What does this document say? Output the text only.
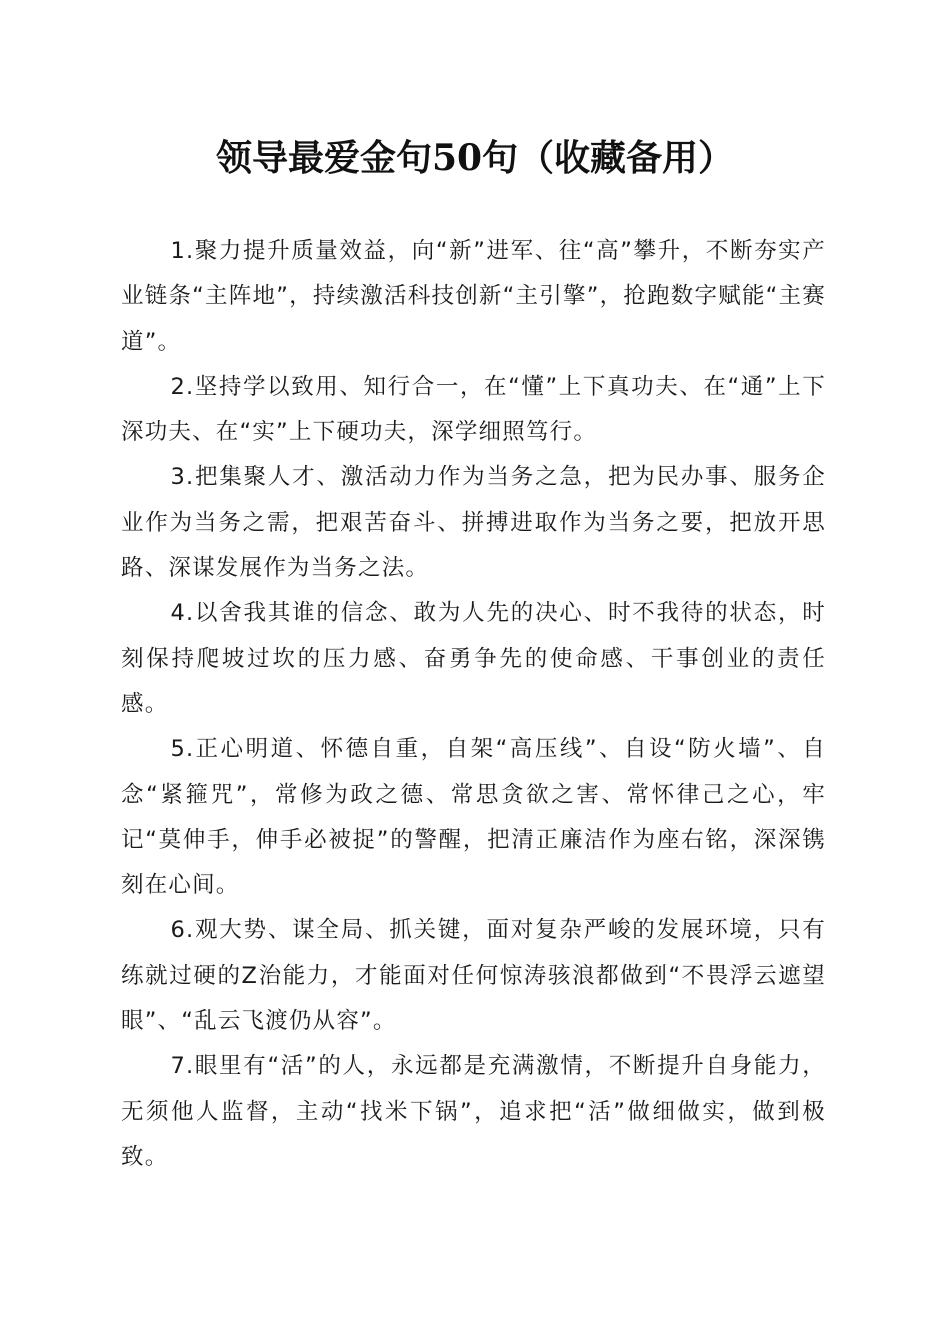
领导最爱金句50句（收藏备用）

1.聚力提升质量效益，向“新”进军、往“高”攀升，不断夯实产业链条“主阵地”，持续激活科技创新“主引擎”，抢跑数字赋能“主赛道”。

2.坚持学以致用、知行合一，在“懂”上下真功夫、在“通”上下深功夫、在“实”上下硬功夫，深学细照笃行。

3.把集聚人才、激活动力作为当务之急，把为民办事、服务企业作为当务之需，把艰苦奋斗、拼搏进取作为当务之要，把放开思路、深谋发展作为当务之法。

4.以舍我其谁的信念、敢为人先的决心、时不我待的状态，时刻保持爬坡过坎的压力感、奋勇争先的使命感、干事创业的责任感。

5.正心明道、怀德自重，自架“高压线”、自设“防火墙”、自念“紧箍咒”，常修为政之德、常思贪欲之害、常怀律己之心，牢记“莫伸手，伸手必被捉”的警醒，把清正廉洁作为座右铭，深深镌刻在心间。

6.观大势、谋全局、抓关键，面对复杂严峻的发展环境，只有练就过硬的Z治能力，才能面对任何惊涛骇浪都做到“不畏浮云遮望眼”、“乱云飞渡仍从容”。

7.眼里有“活”的人，永远都是充满激情，不断提升自身能力，无须他人监督，主动“找米下锅”，追求把“活”做细做实，做到极致。
